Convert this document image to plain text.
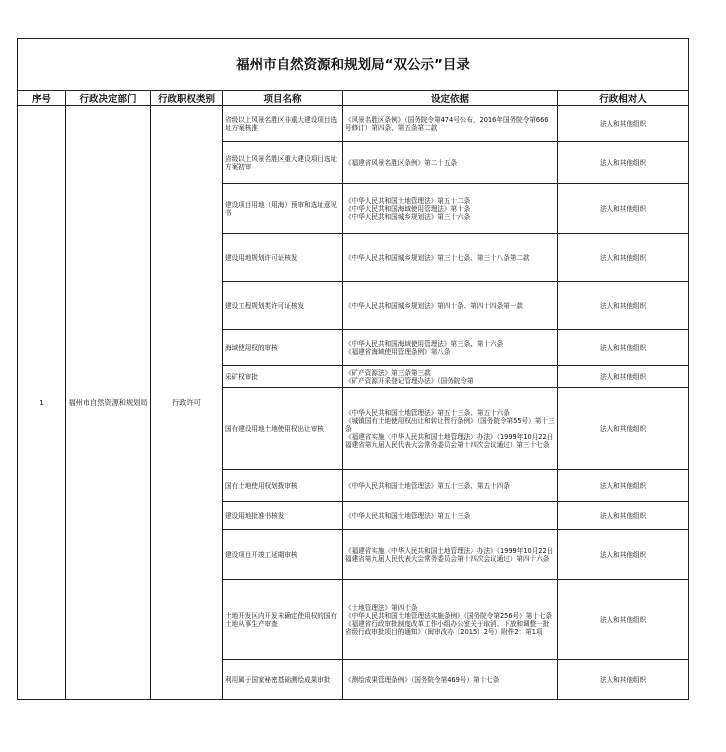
福州市自然资源和规划局“双公示”目录					
序号	行政决定部门	行政职权类别	项目名称	设定依据	行政相对人
1	福州市自然资源和规划局	行政许可	省级以上风景名胜区非重大建设项目选址方案核准	《风景名胜区条例》（国务院令第474号公布，2016年国务院令第666号修订）第四条、第五条第二款	法人和其他组织
			省级以上风景名胜区重大建设项目选址方案初审	《福建省风景名胜区条例》第二十五条	法人和其他组织
			建设项目用地（用海）预审和选址意见书	《中华人民共和国土地管理法》第五十二条
《中华人民共和国海域使用管理法》第十条
《中华人民共和国城乡规划法》第三十六条	法人和其他组织
			建设用地规划许可证核发	《中华人民共和国城乡规划法》第三十七条、第三十八条第二款	法人和其他组织
			建设工程规划类许可证核发	《中华人民共和国城乡规划法》第四十条、第四十四条第一款	法人和其他组织
			海域使用权的审核	《中华人民共和国海域使用管理法》第三条、第十六条
《福建省海域使用管理条例》第八条	法人和其他组织
			采矿权审批	《矿产资源法》第三条第三款
《矿产资源开采登记管理办法》（国务院令第	法人和其他组织
			国有建设用地土地使用权出让审核	《中华人民共和国土地管理法》第五十三条、第五十六条
《城镇国有土地使用权出让和转让暂行条例》（国务院令第55号）第十三条
《福建省实施〈中华人民共和国土地管理法〉办法》（1999年10月22日福建省第九届人民代表大会常务委员会第十四次会议通过）第三十七条	法人和其他组织
			国有土地使用权划拨审核	《中华人民共和国土地管理法》第五十三条、第五十四条	法人和其他组织
			建设用地批准书核发	《中华人民共和国土地管理法》第五十三条	法人和其他组织
			建设项目开竣工延期审核	《福建省实施〈中华人民共和国土地管理法〉办法》（1999年10月22日福建省第九届人民代表大会常务委员会第十四次会议通过）第四十六条	法人和其他组织
			土地开发区内开发未确定使用权的国有土地从事生产审查	《土地管理法》第四十条
《中华人民共和国土地管理法实施条例》（国务院令第256号）第十七条
《福建省行政审批制度改革工作小组办公室关于取消、下放和调整一批省级行政审批项目的通知》（闽审改办〔2015〕2号）附件2：第1项	法人和其他组织
			利用属于国家秘密基础测绘成果审批	《测绘成果管理条例》（国务院令第469号）第十七条	法人和其他组织
